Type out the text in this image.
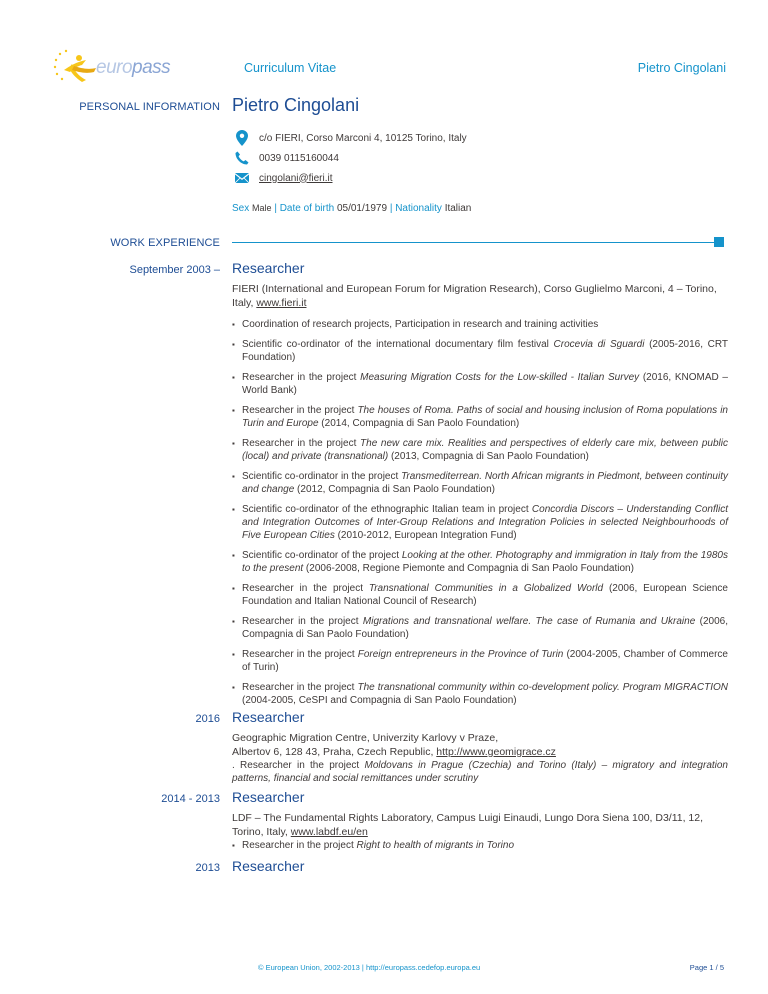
europass	Curriculum Vitae	Pietro Cingolani
PERSONAL INFORMATION Pietro Cingolani
c/o FIERI, Corso Marconi 4, 10125 Torino, Italy
0039 0115160044
cingolani@fieri.it
Sex Male | Date of birth 05/01/1979 | Nationality Italian
WORK EXPERIENCE
September 2003 – Researcher
FIERI (International and European Forum for Migration Research), Corso Guglielmo Marconi, 4 – Torino, Italy, www.fieri.it
▪ Coordination of research projects, Participation in research and training activities
▪ Scientific co-ordinator of the international documentary film festival Crocevia di Sguardi (2005-2016, CRT Foundation)
▪ Researcher in the project Measuring Migration Costs for the Low-skilled - Italian Survey (2016, KNOMAD – World Bank)
▪ Researcher in the project The houses of Roma. Paths of social and housing inclusion of Roma populations in Turin and Europe (2014, Compagnia di San Paolo Foundation)
▪ Researcher in the project The new care mix. Realities and perspectives of elderly care mix, between public (local) and private (transnational) (2013, Compagnia di San Paolo Foundation)
▪ Scientific co-ordinator in the project Transmediterrean. North African migrants in Piedmont, between continuity and change (2012, Compagnia di San Paolo Foundation)
▪ Scientific co-ordinator of the ethnographic Italian team in project Concordia Discors – Understanding Conflict and Integration Outcomes of Inter-Group Relations and Integration Policies in selected Neighbourhoods of Five European Cities (2010-2012, European Integration Fund)
▪ Scientific co-ordinator of the project Looking at the other. Photography and immigration in Italy from the 1980s to the present (2006-2008, Regione Piemonte and Compagnia di San Paolo Foundation)
▪ Researcher in the project Transnational Communities in a Globalized World (2006, European Science Foundation and Italian National Council of Research)
▪ Researcher in the project Migrations and transnational welfare. The case of Rumania and Ukraine (2006, Compagnia di San Paolo Foundation)
▪ Researcher in the project Foreign entrepreneurs in the Province of Turin (2004-2005, Chamber of Commerce of Turin)
▪ Researcher in the project The transnational community within co-development policy. Program MIGRACTION (2004-2005, CeSPI and Compagnia di San Paolo Foundation)
2016 Researcher
Geographic Migration Centre, Univerzity Karlovy v Praze,
Albertov 6, 128 43, Praha, Czech Republic, http://www.geomigrace.cz
. Researcher in the project Moldovans in Prague (Czechia) and Torino (Italy) – migratory and integration patterns, financial and social remittances under scrutiny
2014 - 2013 Researcher
LDF – The Fundamental Rights Laboratory, Campus Luigi Einaudi, Lungo Dora Siena 100, D3/11, 12, Torino, Italy, www.labdf.eu/en
▪ Researcher in the project Right to health of migrants in Torino
2013 Researcher
© European Union, 2002-2013 | http://europass.cedefop.europa.eu	Page 1 / 5
